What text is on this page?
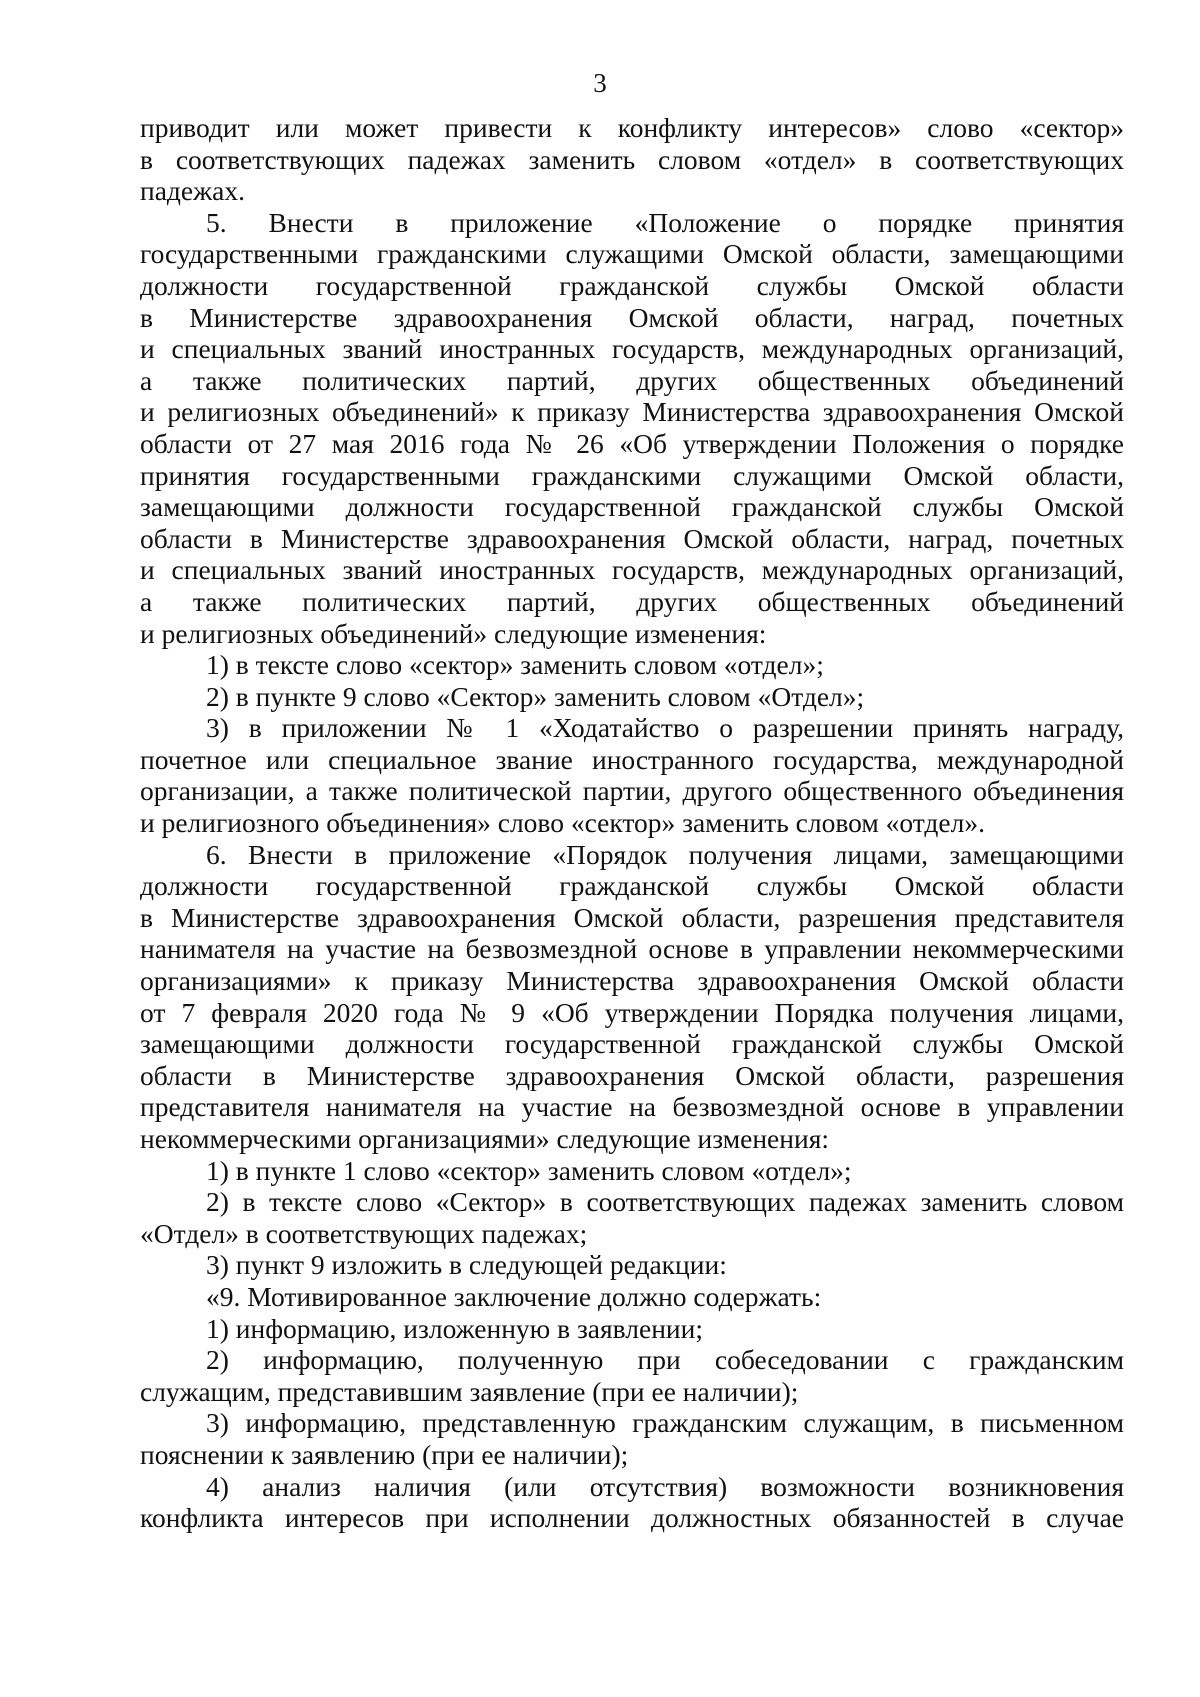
3
приводит или может привести к конфликту интересов» слово «сектор»
в соответствующих падежах заменить словом «отдел» в соответствующих
падежах.
5. Внести в приложение «Положение о порядке принятия
государственными гражданскими служащими Омской области, замещающими
должности государственной гражданской службы Омской области
в Министерстве здравоохранения Омской области, наград, почетных
и специальных званий иностранных государств, международных организаций,
а также политических партий, других общественных объединений
и религиозных объединений» к приказу Министерства здравоохранения Омской
области от 27 мая 2016 года № 26 «Об утверждении Положения о порядке
принятия государственными гражданскими служащими Омской области,
замещающими должности государственной гражданской службы Омской
области в Министерстве здравоохранения Омской области, наград, почетных
и специальных званий иностранных государств, международных организаций,
а также политических партий, других общественных объединений
и религиозных объединений» следующие изменения:
1) в тексте слово «сектор» заменить словом «отдел»;
2) в пункте 9 слово «Сектор» заменить словом «Отдел»;
3) в приложении № 1 «Ходатайство о разрешении принять награду,
почетное или специальное звание иностранного государства, международной
организации, а также политической партии, другого общественного объединения
и религиозного объединения» слово «сектор» заменить словом «отдел».
6. Внести в приложение «Порядок получения лицами, замещающими
должности государственной гражданской службы Омской области
в Министерстве здравоохранения Омской области, разрешения представителя
нанимателя на участие на безвозмездной основе в управлении некоммерческими
организациями» к приказу Министерства здравоохранения Омской области
от 7 февраля 2020 года № 9 «Об утверждении Порядка получения лицами,
замещающими должности государственной гражданской службы Омской
области в Министерстве здравоохранения Омской области, разрешения
представителя нанимателя на участие на безвозмездной основе в управлении
некоммерческими организациями» следующие изменения:
1) в пункте 1 слово «сектор» заменить словом «отдел»;
2) в тексте слово «Сектор» в соответствующих падежах заменить словом
«Отдел» в соответствующих падежах;
3) пункт 9 изложить в следующей редакции:
«9. Мотивированное заключение должно содержать:
1) информацию, изложенную в заявлении;
2) информацию, полученную при собеседовании с гражданским
служащим, представившим заявление (при ее наличии);
3) информацию, представленную гражданским служащим, в письменном
пояснении к заявлению (при ее наличии);
4) анализ наличия (или отсутствия) возможности возникновения
конфликта интересов при исполнении должностных обязанностей в случае
